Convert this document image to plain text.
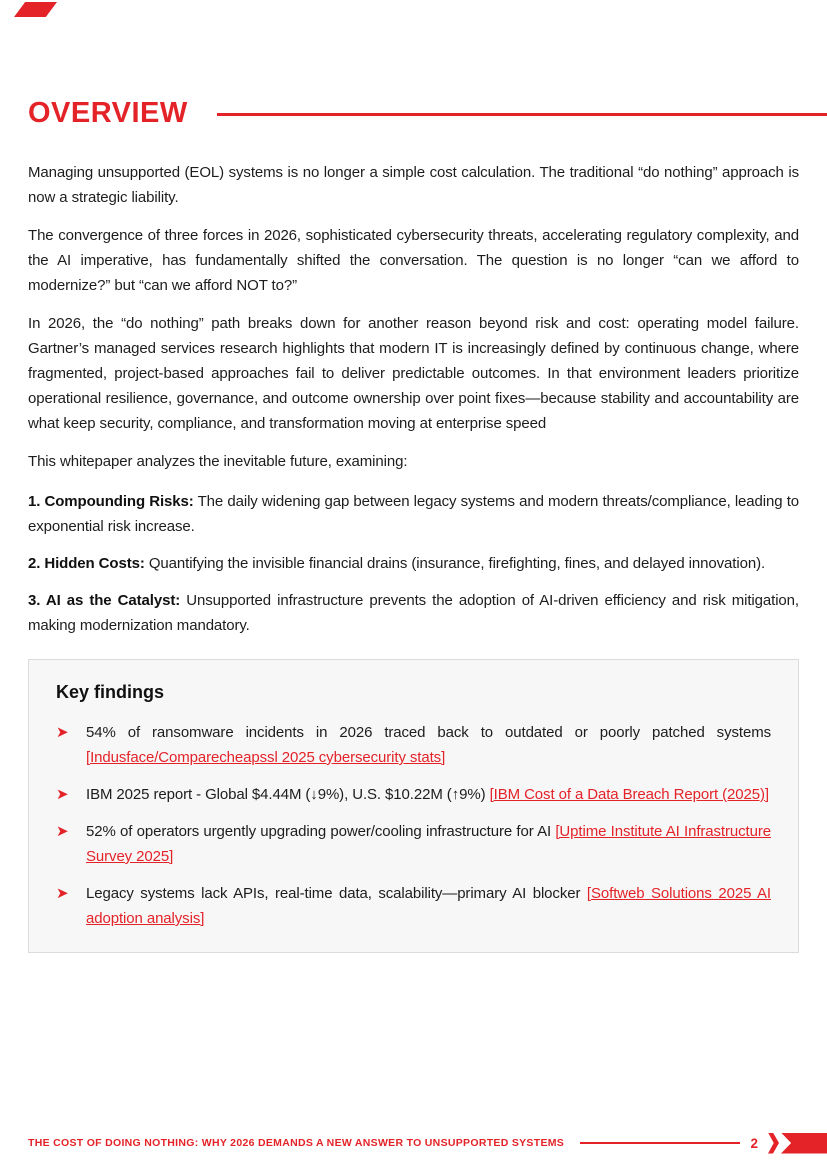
OVERVIEW

Managing unsupported (EOL) systems is no longer a simple cost calculation. The traditional “do nothing” approach is now a strategic liability.

The convergence of three forces in 2026, sophisticated cybersecurity threats, accelerating regulatory complexity, and the AI imperative, has fundamentally shifted the conversation. The question is no longer “can we afford to modernize?” but “can we afford NOT to?”

In 2026, the “do nothing” path breaks down for another reason beyond risk and cost: operating model failure. Gartner’s managed services research highlights that modern IT is increasingly defined by continuous change, where fragmented, project-based approaches fail to deliver predictable outcomes. In that environment leaders prioritize operational resilience, governance, and outcome ownership over point fixes—because stability and accountability are what keep security, compliance, and transformation moving at enterprise speed

This whitepaper analyzes the inevitable future, examining:

1. Compounding Risks: The daily widening gap between legacy systems and modern threats/compliance, leading to exponential risk increase.

2. Hidden Costs: Quantifying the invisible financial drains (insurance, firefighting, fines, and delayed innovation).

3. AI as the Catalyst: Unsupported infrastructure prevents the adoption of AI-driven efficiency and risk mitigation, making modernization mandatory.

Key findings
➤	54% of ransomware incidents in 2026 traced back to outdated or poorly patched systems [Indusface/Comparecheapssl 2025 cybersecurity stats]
➤	IBM 2025 report - Global $4.44M (↓9%), U.S. $10.22M (↑9%) [IBM Cost of a Data Breach Report (2025)]
➤	52% of operators urgently upgrading power/cooling infrastructure for AI [Uptime Institute AI Infrastructure Survey 2025]
➤	Legacy systems lack APIs, real-time data, scalability—primary AI blocker [Softweb Solutions 2025 AI adoption analysis]
THE COST OF DOING NOTHING: WHY 2026 DEMANDS A NEW ANSWER TO UNSUPPORTED SYSTEMS	2
